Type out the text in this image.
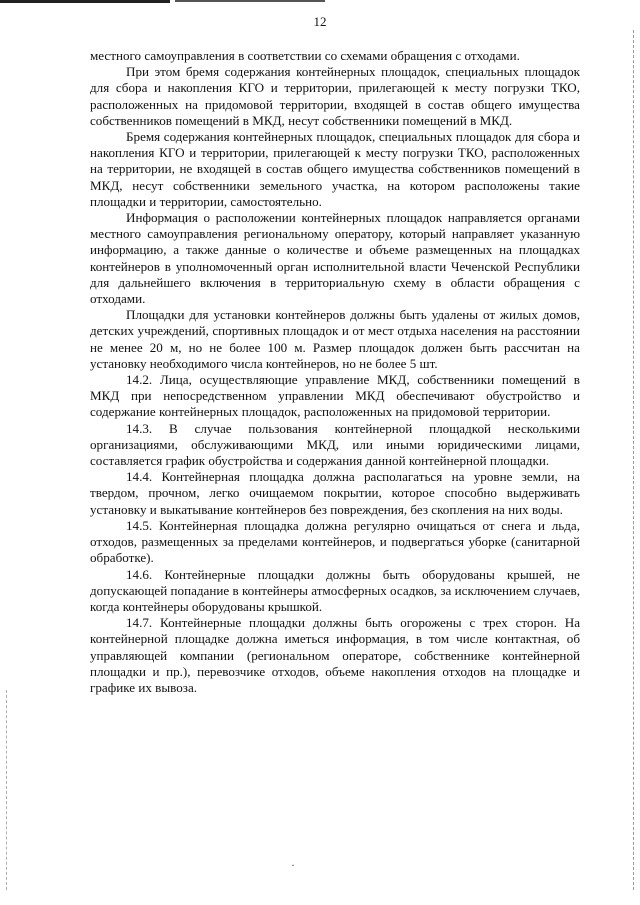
12

местного самоуправления в соответствии со схемами обращения с отходами.

При этом бремя содержания контейнерных площадок, специальных площадок для сбора и накопления КГО и территории, прилегающей к месту погрузки ТКО, расположенных на придомовой территории, входящей в состав общего имущества собственников помещений в МКД, несут собственники помещений в МКД.

Бремя содержания контейнерных площадок, специальных площадок для сбора и накопления КГО и территории, прилегающей к месту погрузки ТКО, расположенных на территории, не входящей в состав общего имущества собственников помещений в МКД, несут собственники земельного участка, на котором расположены такие площадки и территории, самостоятельно.

Информация о расположении контейнерных площадок направляется органами местного самоуправления региональному оператору, который направляет указанную информацию, а также данные о количестве и объеме размещенных на площадках контейнеров в уполномоченный орган исполнительной власти Чеченской Республики для дальнейшего включения в территориальную схему в области обращения с отходами.

Площадки для установки контейнеров должны быть удалены от жилых домов, детских учреждений, спортивных площадок и от мест отдыха населения на расстоянии не менее 20 м, но не более 100 м. Размер площадок должен быть рассчитан на установку необходимого числа контейнеров, но не более 5 шт.

14.2. Лица, осуществляющие управление МКД, собственники помещений в МКД при непосредственном управлении МКД обеспечивают обустройство и содержание контейнерных площадок, расположенных на придомовой территории.

14.3. В случае пользования контейнерной площадкой несколькими организациями, обслуживающими МКД, или иными юридическими лицами, составляется график обустройства и содержания данной контейнерной площадки.

14.4. Контейнерная площадка должна располагаться на уровне земли, на твердом, прочном, легко очищаемом покрытии, которое способно выдерживать установку и выкатывание контейнеров без повреждения, без скопления на них воды.

14.5. Контейнерная площадка должна регулярно очищаться от снега и льда, отходов, размещенных за пределами контейнеров, и подвергаться уборке (санитарной обработке).

14.6. Контейнерные площадки должны быть оборудованы крышей, не допускающей попадание в контейнеры атмосферных осадков, за исключением случаев, когда контейнеры оборудованы крышкой.

14.7. Контейнерные площадки должны быть огорожены с трех сторон. На контейнерной площадке должна иметься информация, в том числе контактная, об управляющей компании (региональном операторе, собственнике контейнерной площадки и пр.), перевозчике отходов, объеме накопления отходов на площадке и графике их вывоза.

·
